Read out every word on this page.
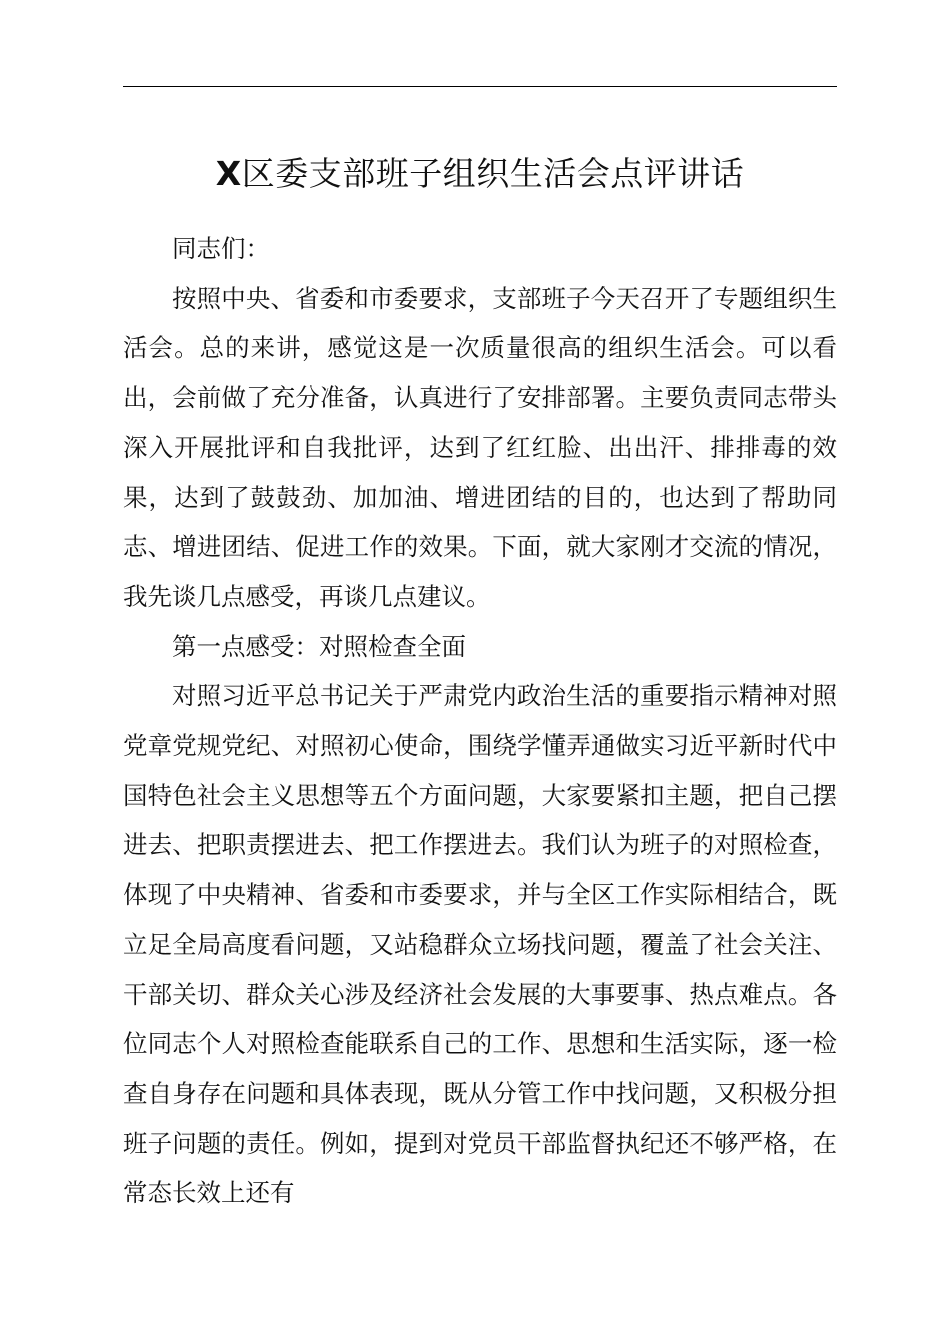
X区委支部班子组织生活会点评讲话

同志们：

按照中央、省委和市委要求，支部班子今天召开了专题组织生活会。总的来讲，感觉这是一次质量很高的组织生活会。可以看出，会前做了充分准备，认真进行了安排部署。主要负责同志带头深入开展批评和自我批评，达到了红红脸、出出汗、排排毒的效果，达到了鼓鼓劲、加加油、增进团结的目的，也达到了帮助同志、增进团结、促进工作的效果。下面，就大家刚才交流的情况，我先谈几点感受，再谈几点建议。

第一点感受：对照检查全面

对照习近平总书记关于严肃党内政治生活的重要指示精神对照党章党规党纪、对照初心使命，围绕学懂弄通做实习近平新时代中国特色社会主义思想等五个方面问题，大家要紧扣主题，把自己摆进去、把职责摆进去、把工作摆进去。我们认为班子的对照检查，体现了中央精神、省委和市委要求，并与全区工作实际相结合，既立足全局高度看问题，又站稳群众立场找问题，覆盖了社会关注、干部关切、群众关心涉及经济社会发展的大事要事、热点难点。各位同志个人对照检查能联系自己的工作、思想和生活实际，逐一检查自身存在问题和具体表现，既从分管工作中找问题，又积极分担班子问题的责任。例如，提到对党员干部监督执纪还不够严格，在常态长效上还有
